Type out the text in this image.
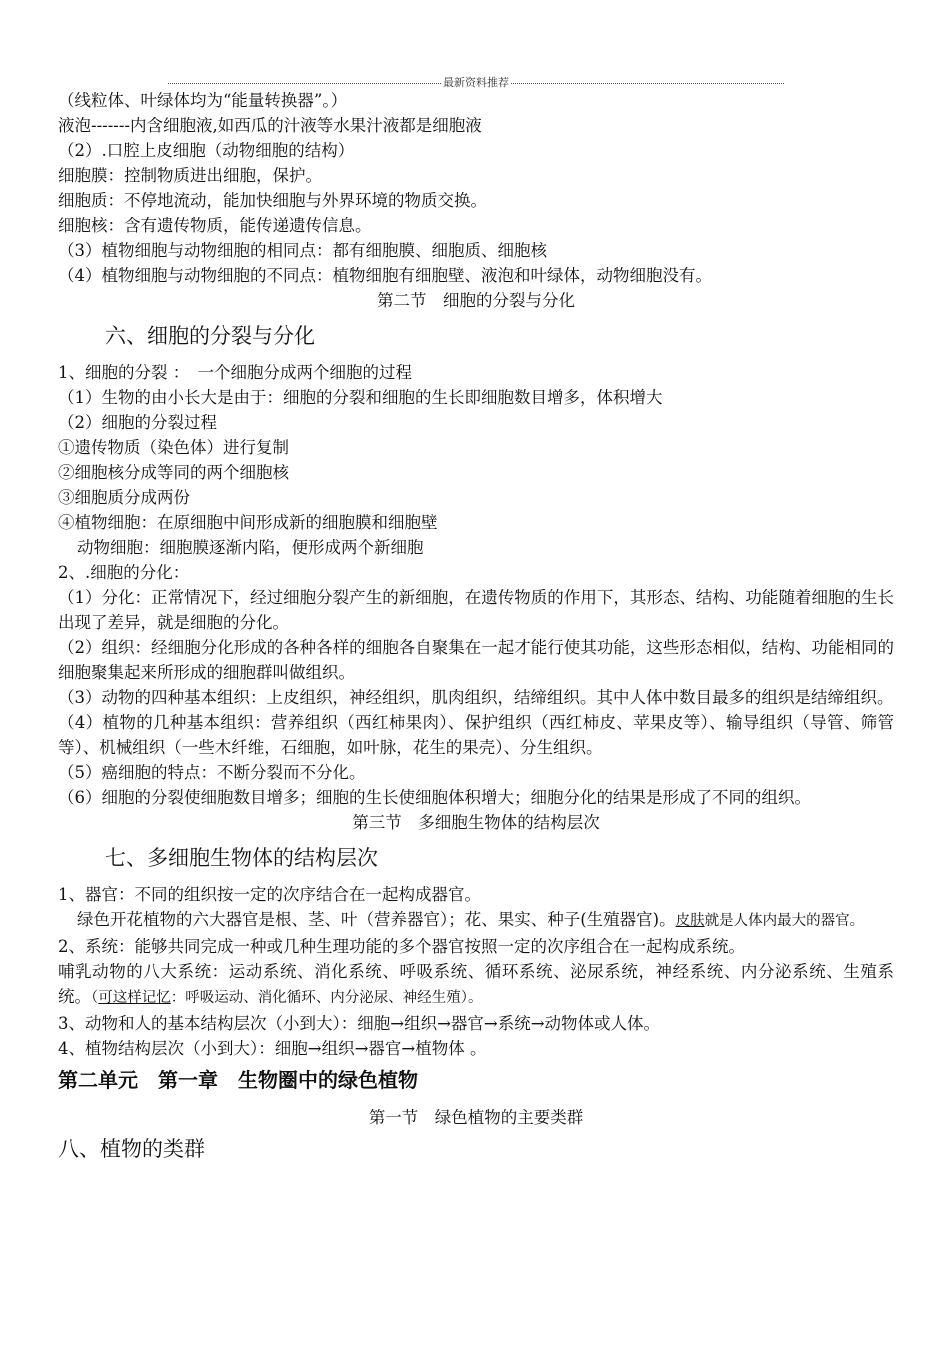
最新资料推荐
（线粒体、叶绿体均为“能量转换器”。）
液泡-------内含细胞液,如西瓜的汁液等水果汁液都是细胞液
（2）.口腔上皮细胞（动物细胞的结构）
细胞膜：控制物质进出细胞，保护。
细胞质：不停地流动，能加快细胞与外界环境的物质交换。
细胞核：含有遗传物质，能传递遗传信息。
（3）植物细胞与动物细胞的相同点：都有细胞膜、细胞质、细胞核
（4）植物细胞与动物细胞的不同点：植物细胞有细胞壁、液泡和叶绿体，动物细胞没有。
第二节　细胞的分裂与分化
六、细胞的分裂与分化
1、细胞的分裂 ：　一个细胞分成两个细胞的过程
（1）生物的由小长大是由于：细胞的分裂和细胞的生长即细胞数目增多，体积增大
（2）细胞的分裂过程
①遗传物质（染色体）进行复制
②细胞核分成等同的两个细胞核
③细胞质分成两份
④植物细胞：在原细胞中间形成新的细胞膜和细胞壁
动物细胞：细胞膜逐渐内陷，便形成两个新细胞
2、.细胞的分化：
（1）分化：正常情况下，经过细胞分裂产生的新细胞，在遗传物质的作用下，其形态、结构、功能随着细胞的生长出现了差异，就是细胞的分化。
（2）组织：经细胞分化形成的各种各样的细胞各自聚集在一起才能行使其功能，这些形态相似，结构、功能相同的细胞聚集起来所形成的细胞群叫做组织。
（3）动物的四种基本组织：上皮组织，神经组织，肌肉组织，结缔组织。其中人体中数目最多的组织是结缔组织。
（4）植物的几种基本组织：营养组织（西红柿果肉）、保护组织（西红柿皮、苹果皮等）、输导组织（导管、筛管等）、机械组织（一些木纤维，石细胞，如叶脉，花生的果壳）、分生组织。
（5）癌细胞的特点：不断分裂而不分化。
（6）细胞的分裂使细胞数目增多；细胞的生长使细胞体积增大；细胞分化的结果是形成了不同的组织。
第三节　多细胞生物体的结构层次
七、多细胞生物体的结构层次
1、器官：不同的组织按一定的次序结合在一起构成器官。
绿色开花植物的六大器官是根、茎、叶（营养器官）；花、果实、种子(生殖器官)。皮肤就是人体内最大的器官。
2、系统：能够共同完成一种或几种生理功能的多个器官按照一定的次序组合在一起构成系统。
哺乳动物的八大系统：运动系统、消化系统、呼吸系统、循环系统、泌尿系统，神经系统、内分泌系统、生殖系统。（可这样记忆：呼吸运动、消化循环、内分泌尿、神经生殖）。
3、动物和人的基本结构层次（小到大）：细胞→组织→器官→系统→动物体或人体。
4、植物结构层次（小到大）：细胞→组织→器官→植物体 。
第二单元　第一章　生物圈中的绿色植物
第一节　绿色植物的主要类群
八、植物的类群
